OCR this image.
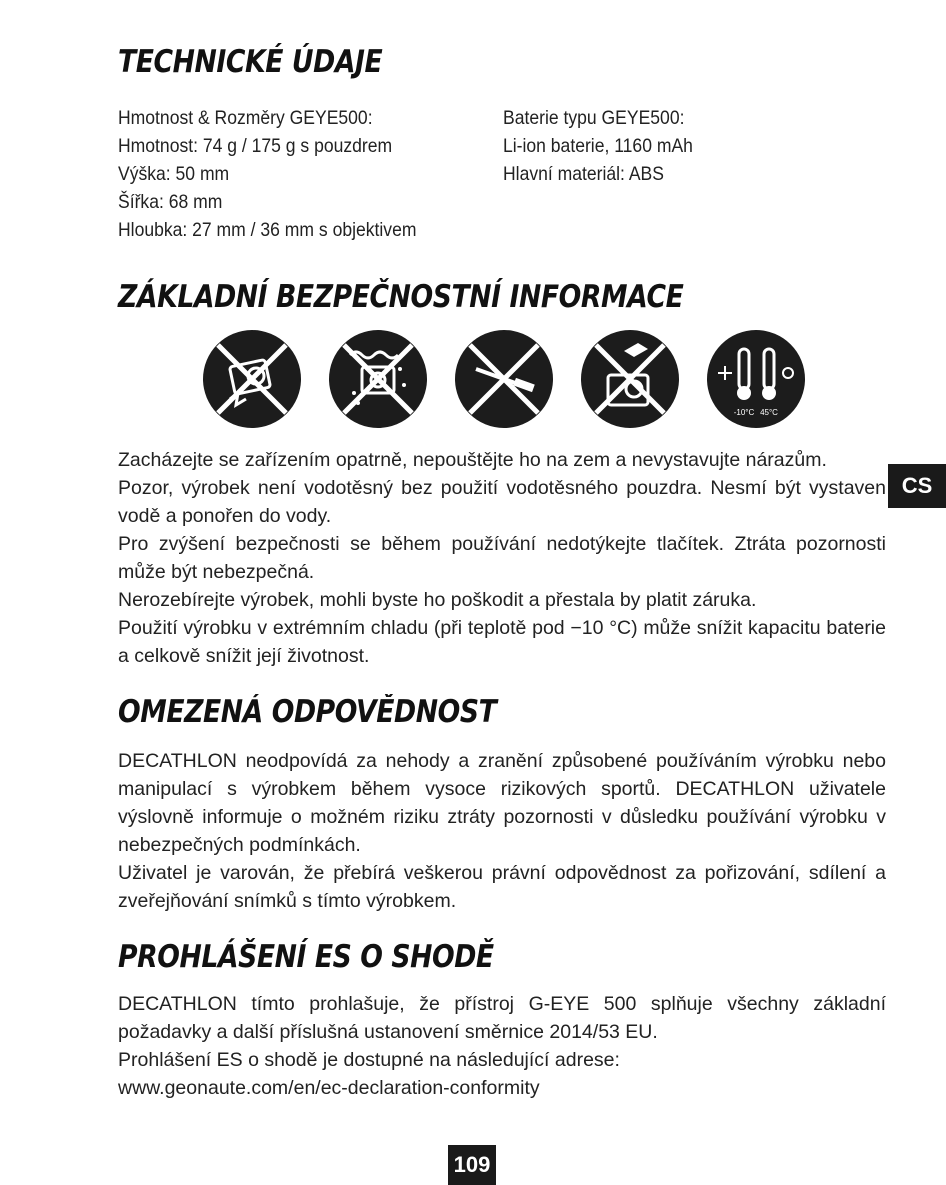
TECHNICKÉ ÚDAJE
Hmotnost & Rozměry GEYE500:
Hmotnost: 74 g / 175 g s pouzdrem
Výška: 50 mm
Šířka: 68 mm
Hloubka: 27 mm / 36 mm s objektivem
Baterie typu GEYE500:
Li-ion baterie, 1160 mAh
Hlavní materiál: ABS
ZÁKLADNÍ BEZPEČNOSTNÍ INFORMACE
-10°C 45°C

Zacházejte se zařízením opatrně, nepouštějte ho na zem a nevystavujte nárazům.

Pozor, výrobek není vodotěsný bez použití vodotěsného pouzdra. Nesmí být vystaven vodě a ponořen do vody.

Pro zvýšení bezpečnosti se během používání nedotýkejte tlačítek. Ztráta pozornosti může být nebezpečná.

Nerozebírejte výrobek, mohli byste ho poškodit a přestala by platit záruka.

Použití výrobku v extrémním chladu (při teplotě pod −10 °C) může snížit kapacitu baterie a celkově snížit její životnost.

CS
OMEZENÁ ODPOVĚDNOST

DECATHLON neodpovídá za nehody a zranění způsobené používáním výrobku nebo manipulací s výrobkem během vysoce rizikových sportů. DECATHLON uživatele výslovně informuje o možném riziku ztráty pozornosti v důsledku používání výrobku v nebezpečných podmínkách.

Uživatel je varován, že přebírá veškerou právní odpovědnost za pořizování, sdílení a zveřejňování snímků s tímto výrobkem.

PROHLÁŠENÍ ES O SHODĚ

DECATHLON tímto prohlašuje, že přístroj G-EYE 500 splňuje všechny základní požadavky a další příslušná ustanovení směrnice 2014/53 EU.

Prohlášení ES o shodě je dostupné na následující adrese:

www.geonaute.com/en/ec-declaration-conformity

109
